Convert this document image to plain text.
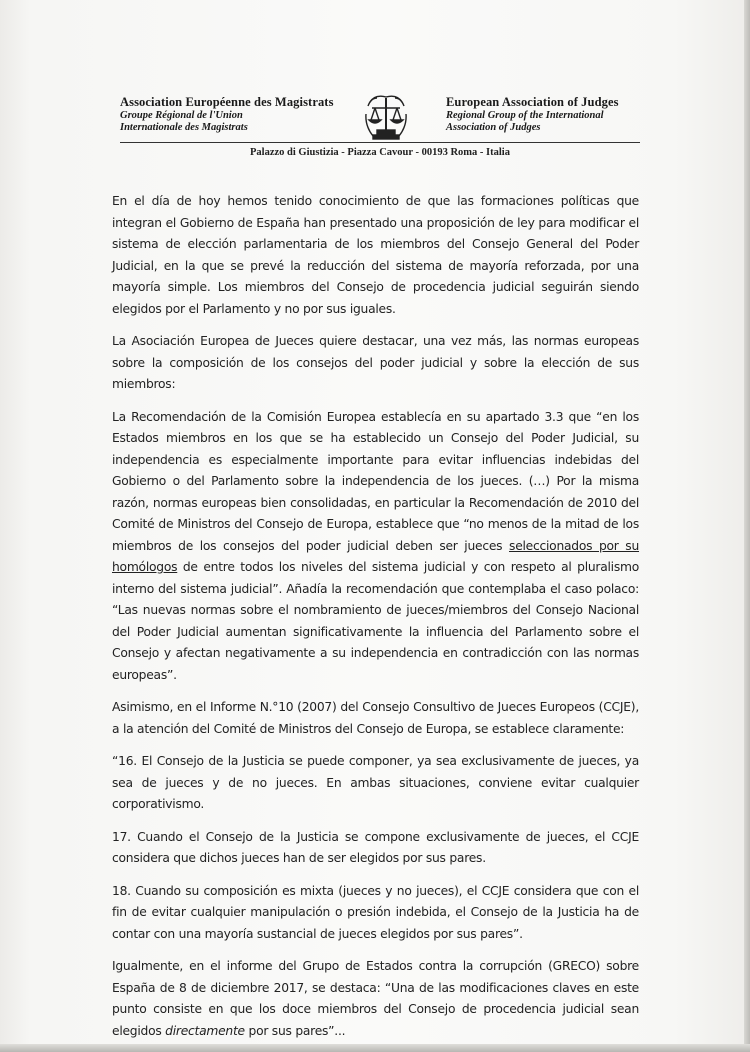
Association Européenne des Magistrats
Groupe Régional de l'Union
Internationale des Magistrats
European Association of Judges
Regional Group of the International
Association of Judges
Palazzo di Giustizia - Piazza Cavour - 00193 Roma - Italia

En el día de hoy hemos tenido conocimiento de que las formaciones políticas que integran el Gobierno de España han presentado una proposición de ley para modificar el sistema de elección parlamentaria de los miembros del Consejo General del Poder Judicial, en la que se prevé la reducción del sistema de mayoría reforzada, por una mayoría simple. Los miembros del Consejo de procedencia judicial seguirán siendo elegidos por el Parlamento y no por sus iguales.

La Asociación Europea de Jueces quiere destacar, una vez más, las normas europeas sobre la composición de los consejos del poder judicial y sobre la elección de sus miembros:

La Recomendación de la Comisión Europea establecía en su apartado 3.3 que “en los Estados miembros en los que se ha establecido un Consejo del Poder Judicial, su independencia es especialmente importante para evitar influencias indebidas del Gobierno o del Parlamento sobre la independencia de los jueces. (…) Por la misma razón, normas europeas bien consolidadas, en particular la Recomendación de 2010 del Comité de Ministros del Consejo de Europa, establece que “no menos de la mitad de los miembros de los consejos del poder judicial deben ser jueces seleccionados por su homólogos de entre todos los niveles del sistema judicial y con respeto al pluralismo interno del sistema judicial”. Añadía la recomendación que contemplaba el caso polaco: “Las nuevas normas sobre el nombramiento de jueces/miembros del Consejo Nacional del Poder Judicial aumentan significativamente la influencia del Parlamento sobre el Consejo y afectan negativamente a su independencia en contradicción con las normas europeas”.

Asimismo, en el Informe N.°10 (2007) del Consejo Consultivo de Jueces Europeos (CCJE), a la atención del Comité de Ministros del Consejo de Europa, se establece claramente:

“16. El Consejo de la Justicia se puede componer, ya sea exclusivamente de jueces, ya sea de jueces y de no jueces. En ambas situaciones, conviene evitar cualquier corporativismo.

17. Cuando el Consejo de la Justicia se compone exclusivamente de jueces, el CCJE considera que dichos jueces han de ser elegidos por sus pares.

18. Cuando su composición es mixta (jueces y no jueces), el CCJE considera que con el fin de evitar cualquier manipulación o presión indebida, el Consejo de la Justicia ha de contar con una mayoría sustancial de jueces elegidos por sus pares”.

Igualmente, en el informe del Grupo de Estados contra la corrupción (GRECO) sobre España de 8 de diciembre 2017, se destaca: “Una de las modificaciones claves en este punto consiste en que los doce miembros del Consejo de procedencia judicial sean elegidos directamente por sus pares”...
